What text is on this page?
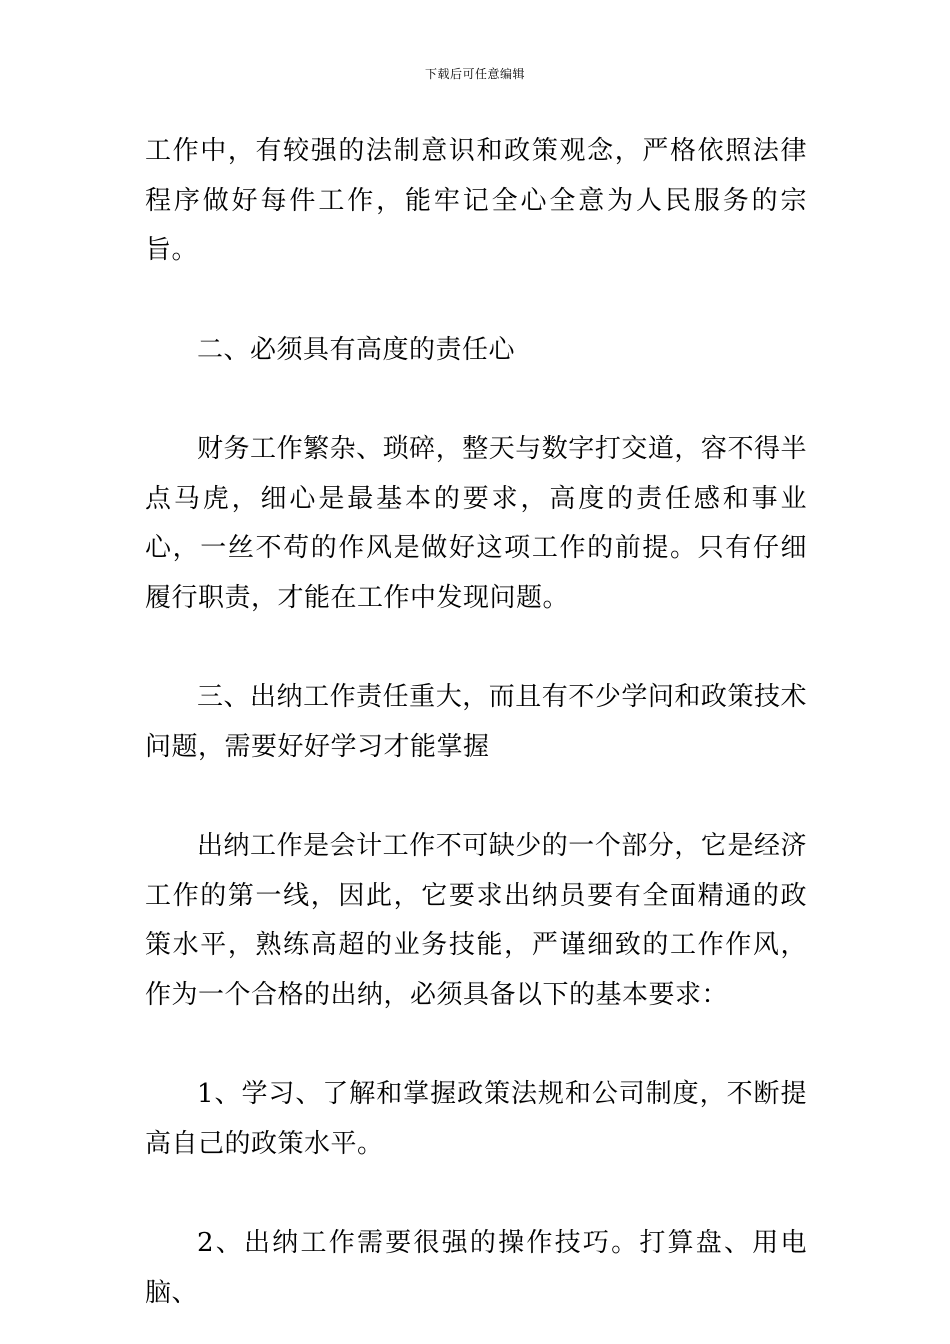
下载后可任意编辑

工作中，有较强的法制意识和政策观念，严格依照法律程序做好每件工作，能牢记全心全意为人民服务的宗旨。

二、必须具有高度的责任心

财务工作繁杂、琐碎，整天与数字打交道，容不得半点马虎，细心是最基本的要求，高度的责任感和事业心，一丝不苟的作风是做好这项工作的前提。只有仔细履行职责，才能在工作中发现问题。

三、出纳工作责任重大，而且有不少学问和政策技术问题，需要好好学习才能掌握

出纳工作是会计工作不可缺少的一个部分，它是经济工作的第一线，因此，它要求出纳员要有全面精通的政策水平，熟练高超的业务技能，严谨细致的工作作风，作为一个合格的出纳，必须具备以下的基本要求：

1、学习、了解和掌握政策法规和公司制度，不断提高自己的政策水平。

2、出纳工作需要很强的操作技巧。打算盘、用电脑、
